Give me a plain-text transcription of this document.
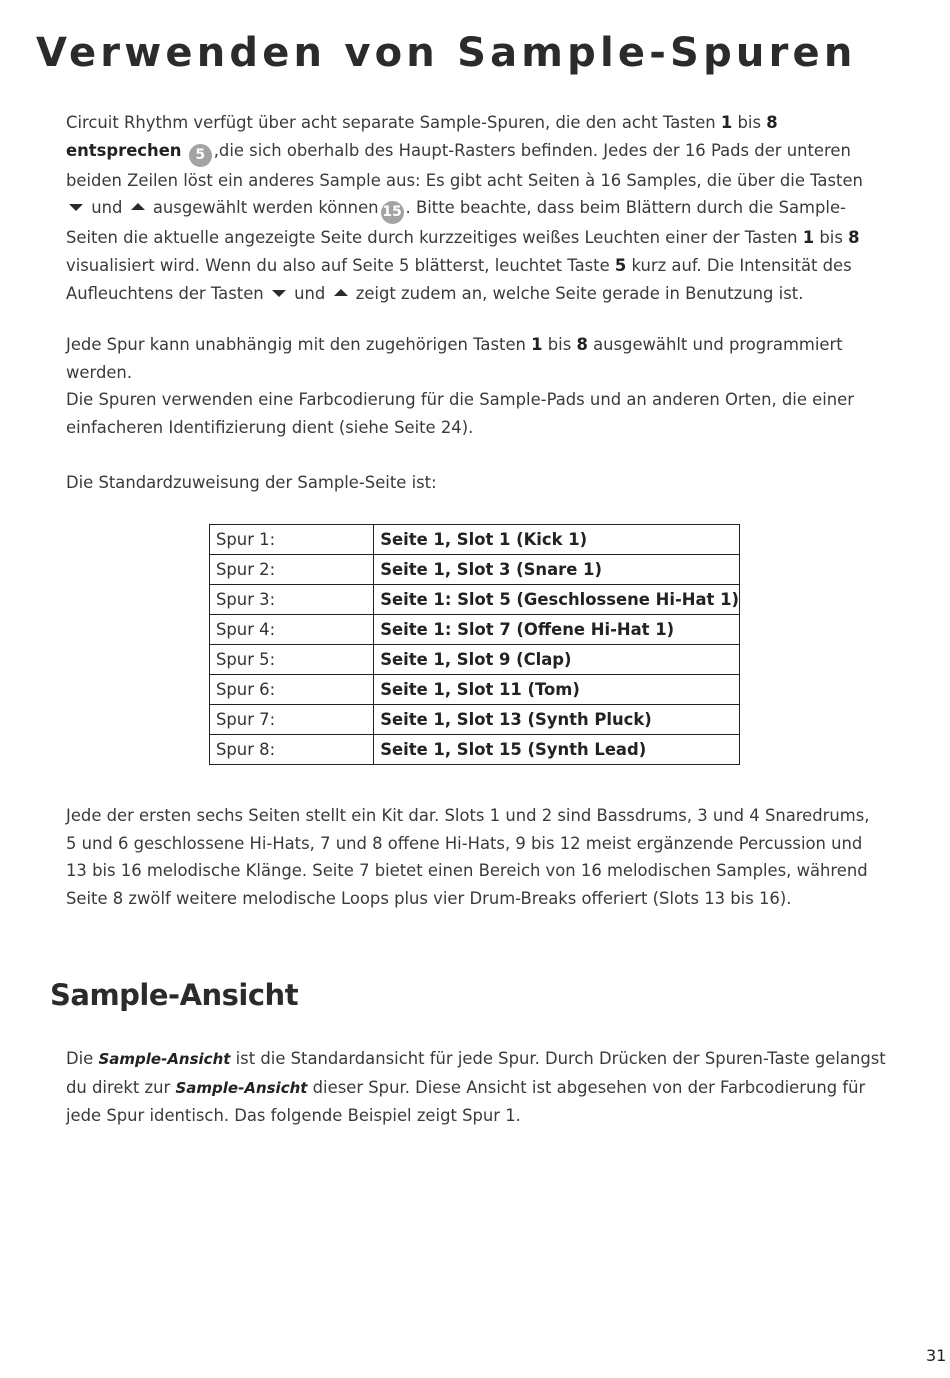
Verwenden von Sample-Spuren
Circuit Rhythm verfügt über acht separate Sample-Spuren, die den acht Tasten 1 bis 8
entsprechen 5 ,die sich oberhalb des Haupt-Rasters befinden. Jedes der 16 Pads der unteren
beiden Zeilen löst ein anderes Sample aus: Es gibt acht Seiten à 16 Samples, die über die Tasten
und ausgewählt werden können 15 . Bitte beachte, dass beim Blättern durch die Sample-
Seiten die aktuelle angezeigte Seite durch kurzzeitiges weißes Leuchten einer der Tasten 1 bis 8
visualisiert wird. Wenn du also auf Seite 5 blätterst, leuchtet Taste 5 kurz auf. Die Intensität des
Aufleuchtens der Tasten und zeigt zudem an, welche Seite gerade in Benutzung ist.
Jede Spur kann unabhängig mit den zugehörigen Tasten 1 bis 8 ausgewählt und programmiert
werden.
Die Spuren verwenden eine Farbcodierung für die Sample-Pads und an anderen Orten, die einer
einfacheren Identifizierung dient (siehe Seite 24).
Die Standardzuweisung der Sample-Seite ist:
Spur 1:	Seite 1, Slot 1 (Kick 1)
Spur 2:	Seite 1, Slot 3 (Snare 1)
Spur 3:	Seite 1: Slot 5 (Geschlossene Hi-Hat 1)
Spur 4:	Seite 1: Slot 7 (Offene Hi-Hat 1)
Spur 5:	Seite 1, Slot 9 (Clap)
Spur 6:	Seite 1, Slot 11 (Tom)
Spur 7:	Seite 1, Slot 13 (Synth Pluck)
Spur 8:	Seite 1, Slot 15 (Synth Lead)
Jede der ersten sechs Seiten stellt ein Kit dar. Slots 1 und 2 sind Bassdrums, 3 und 4 Snaredrums,
5 und 6 geschlossene Hi-Hats, 7 und 8 offene Hi-Hats, 9 bis 12 meist ergänzende Percussion und
13 bis 16 melodische Klänge. Seite 7 bietet einen Bereich von 16 melodischen Samples, während
Seite 8 zwölf weitere melodische Loops plus vier Drum-Breaks offeriert (Slots 13 bis 16).
Sample-Ansicht
Die Sample-Ansicht ist die Standardansicht für jede Spur. Durch Drücken der Spuren-Taste gelangst
du direkt zur Sample-Ansicht dieser Spur. Diese Ansicht ist abgesehen von der Farbcodierung für
jede Spur identisch. Das folgende Beispiel zeigt Spur 1.
31
